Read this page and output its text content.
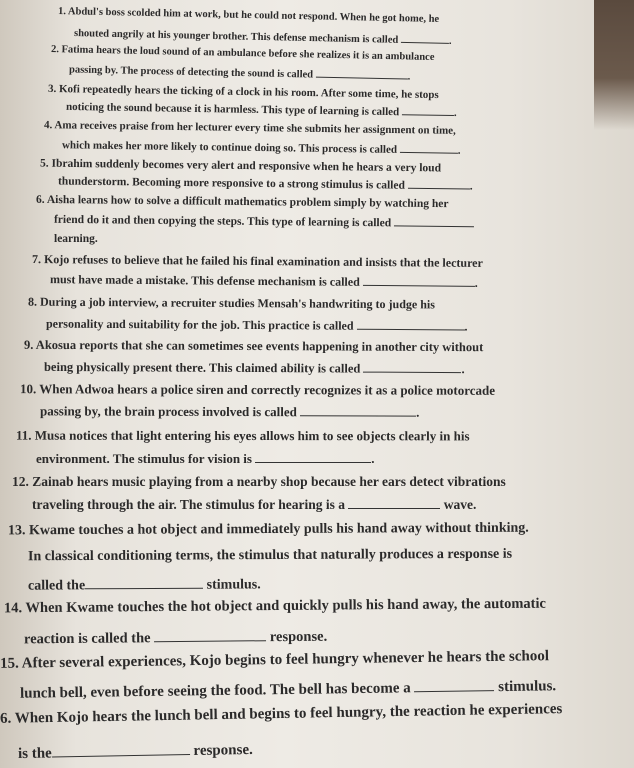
1. Abdul's boss scolded him at work, but he could not respond. When he got home, he
shouted angrily at his younger brother. This defense mechanism is called	.
2. Fatima hears the loud sound of an ambulance before she realizes it is an ambulance
passing by. The process of detecting the sound is called	.
3. Kofi repeatedly hears the ticking of a clock in his room. After some time, he stops
noticing the sound because it is harmless. This type of learning is called	.
4. Ama receives praise from her lecturer every time she submits her assignment on time,
which makes her more likely to continue doing so. This process is called	.
5. Ibrahim suddenly becomes very alert and responsive when he hears a very loud
thunderstorm. Becoming more responsive to a strong stimulus is called	.
6. Aisha learns how to solve a difficult mathematics problem simply by watching her
friend do it and then copying the steps. This type of learning is called
learning.
7. Kojo refuses to believe that he failed his final examination and insists that the lecturer
must have made a mistake. This defense mechanism is called	.
8. During a job interview, a recruiter studies Mensah's handwriting to judge his
personality and suitability for the job. This practice is called	.
9. Akosua reports that she can sometimes see events happening in another city without
being physically present there. This claimed ability is called	.
10. When Adwoa hears a police siren and correctly recognizes it as a police motorcade
passing by, the brain process involved is called	.
11. Musa notices that light entering his eyes allows him to see objects clearly in his
environment. The stimulus for vision is	.
12. Zainab hears music playing from a nearby shop because her ears detect vibrations
traveling through the air. The stimulus for hearing is a	wave.
13. Kwame touches a hot object and immediately pulls his hand away without thinking.
In classical conditioning terms, the stimulus that naturally produces a response is
called the	stimulus.
14. When Kwame touches the hot object and quickly pulls his hand away, the automatic
reaction is called the	response.
15. After several experiences, Kojo begins to feel hungry whenever he hears the school
lunch bell, even before seeing the food. The bell has become a	stimulus.
6. When Kojo hears the lunch bell and begins to feel hungry, the reaction he experiences
is the	response.
